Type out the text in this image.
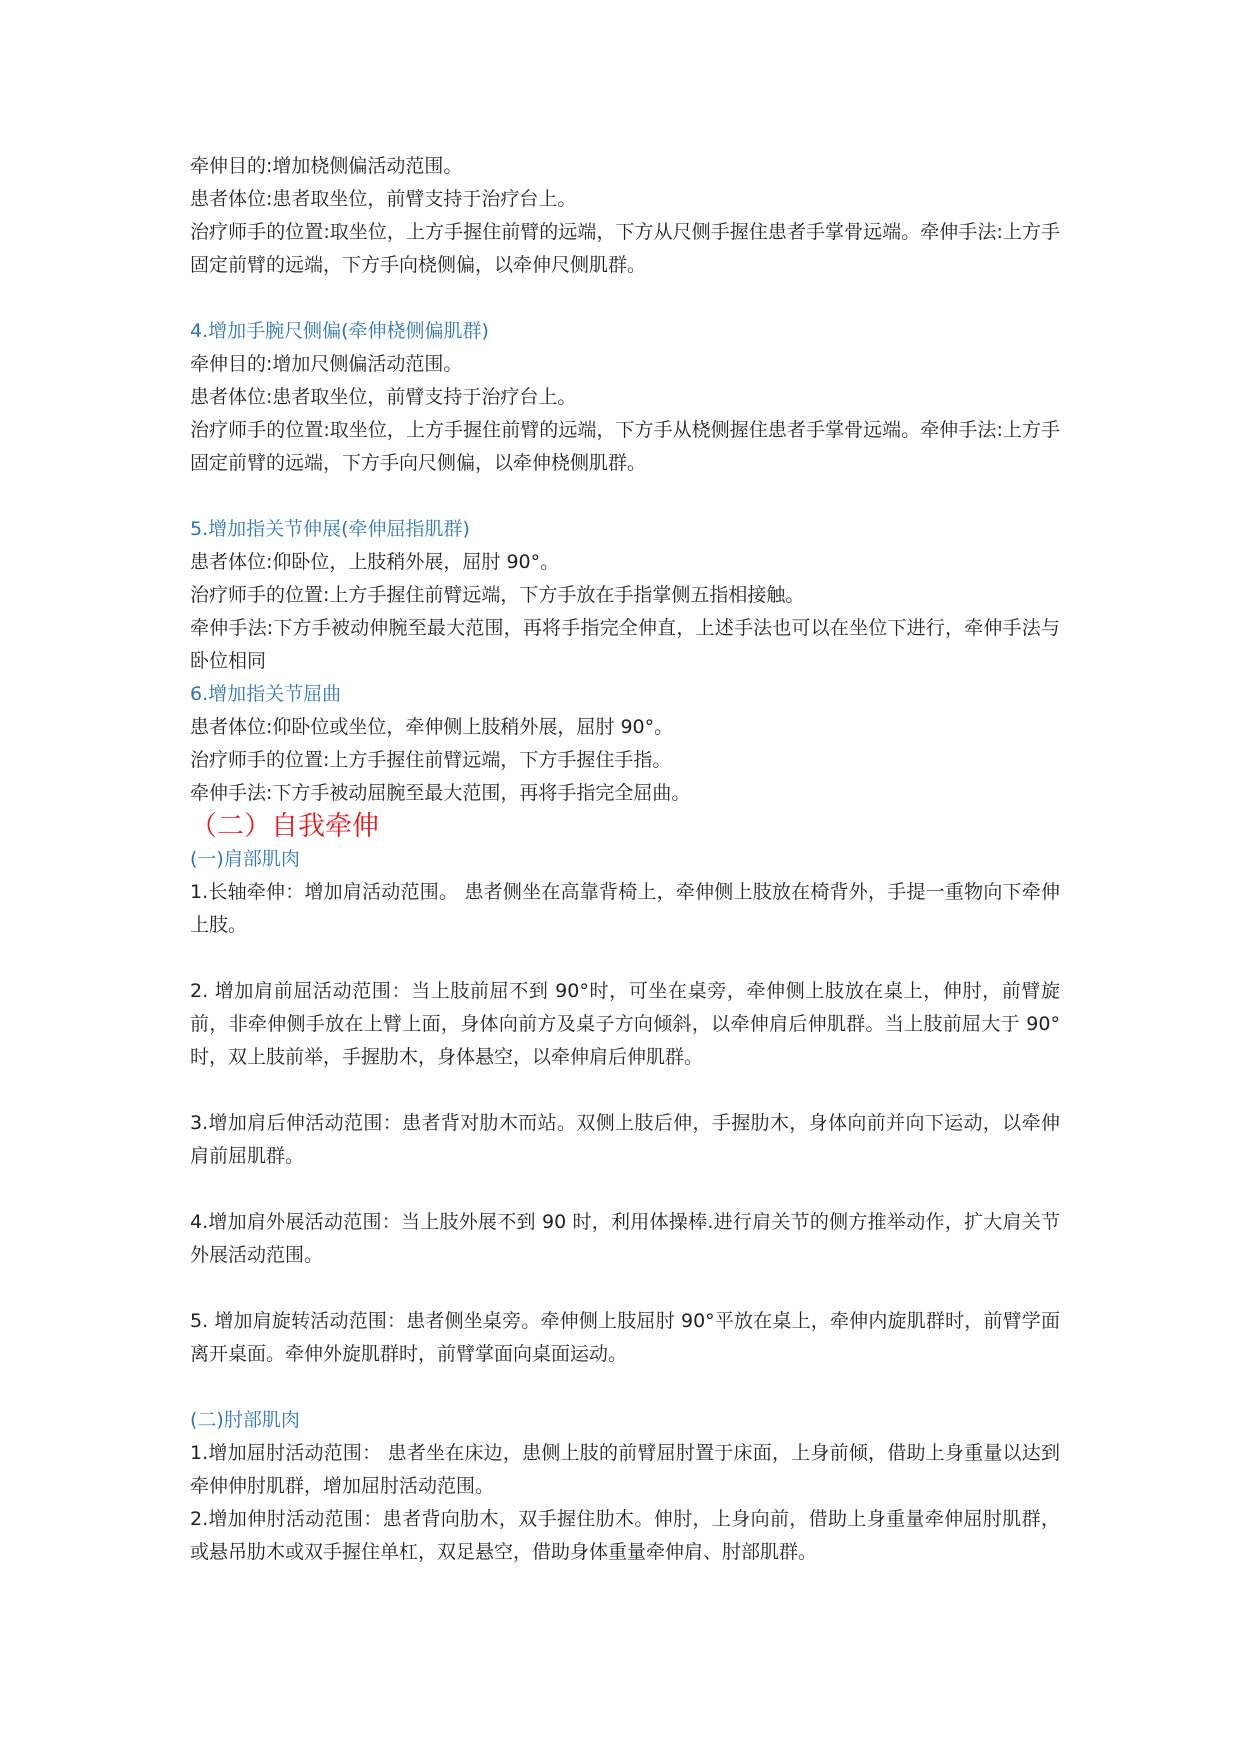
牵伸目的:增加桡侧偏活动范围。

患者体位:患者取坐位，前臂支持于治疗台上。

治疗师手的位置:取坐位，上方手握住前臂的远端，下方从尺侧手握住患者手掌骨远端。牵伸手法:上方手固定前臂的远端，下方手向桡侧偏，以牵伸尺侧肌群。

4.增加手腕尺侧偏(牵伸桡侧偏肌群)

牵伸目的:增加尺侧偏活动范围。

患者体位:患者取坐位，前臂支持于治疗台上。

治疗师手的位置:取坐位，上方手握住前臂的远端，下方手从桡侧握住患者手掌骨远端。牵伸手法:上方手固定前臂的远端，下方手向尺侧偏，以牵伸桡侧肌群。

5.增加指关节伸展(牵伸屈指肌群)

患者体位:仰卧位，上肢稍外展，屈肘 90°。

治疗师手的位置:上方手握住前臂远端，下方手放在手指掌侧五指相接触。

牵伸手法:下方手被动伸腕至最大范围，再将手指完全伸直，上述手法也可以在坐位下进行，牵伸手法与卧位相同

6.增加指关节屈曲

患者体位:仰卧位或坐位，牵伸侧上肢稍外展，屈肘 90°。

治疗师手的位置:上方手握住前臂远端，下方手握住手指。

牵伸手法:下方手被动屈腕至最大范围，再将手指完全屈曲。

（二）自我牵伸

(一)肩部肌肉

1.长轴牵伸：增加肩活动范围。 患者侧坐在高靠背椅上，牵伸侧上肢放在椅背外，手提一重物向下牵伸上肢。

2. 增加肩前屈活动范围：当上肢前屈不到 90°时，可坐在桌旁，牵伸侧上肢放在桌上，伸肘，前臂旋前，非牵伸侧手放在上臂上面，身体向前方及桌子方向倾斜，以牵伸肩后伸肌群。当上肢前屈大于 90°时，双上肢前举，手握肋木，身体悬空，以牵伸肩后伸肌群。

3.增加肩后伸活动范围：患者背对肋木而站。双侧上肢后伸，手握肋木，身体向前并向下运动，以牵伸肩前屈肌群。

4.增加肩外展活动范围：当上肢外展不到 90 时，利用体操棒.进行肩关节的侧方推举动作，扩大肩关节外展活动范围。

5. 增加肩旋转活动范围：患者侧坐桌旁。牵伸侧上肢屈肘 90°平放在桌上，牵伸内旋肌群时，前臂学面离开桌面。牵伸外旋肌群时，前臂掌面向桌面运动。

(二)肘部肌肉

1.增加屈肘活动范围： 患者坐在床边，患侧上肢的前臂屈肘置于床面，上身前倾，借助上身重量以达到牵伸伸肘肌群，增加屈肘活动范围。

2.增加伸肘活动范围：患者背向肋木，双手握住肋木。伸肘，上身向前，借助上身重量牵伸屈肘肌群，或悬吊肋木或双手握住单杠，双足悬空，借助身体重量牵伸肩、肘部肌群。
